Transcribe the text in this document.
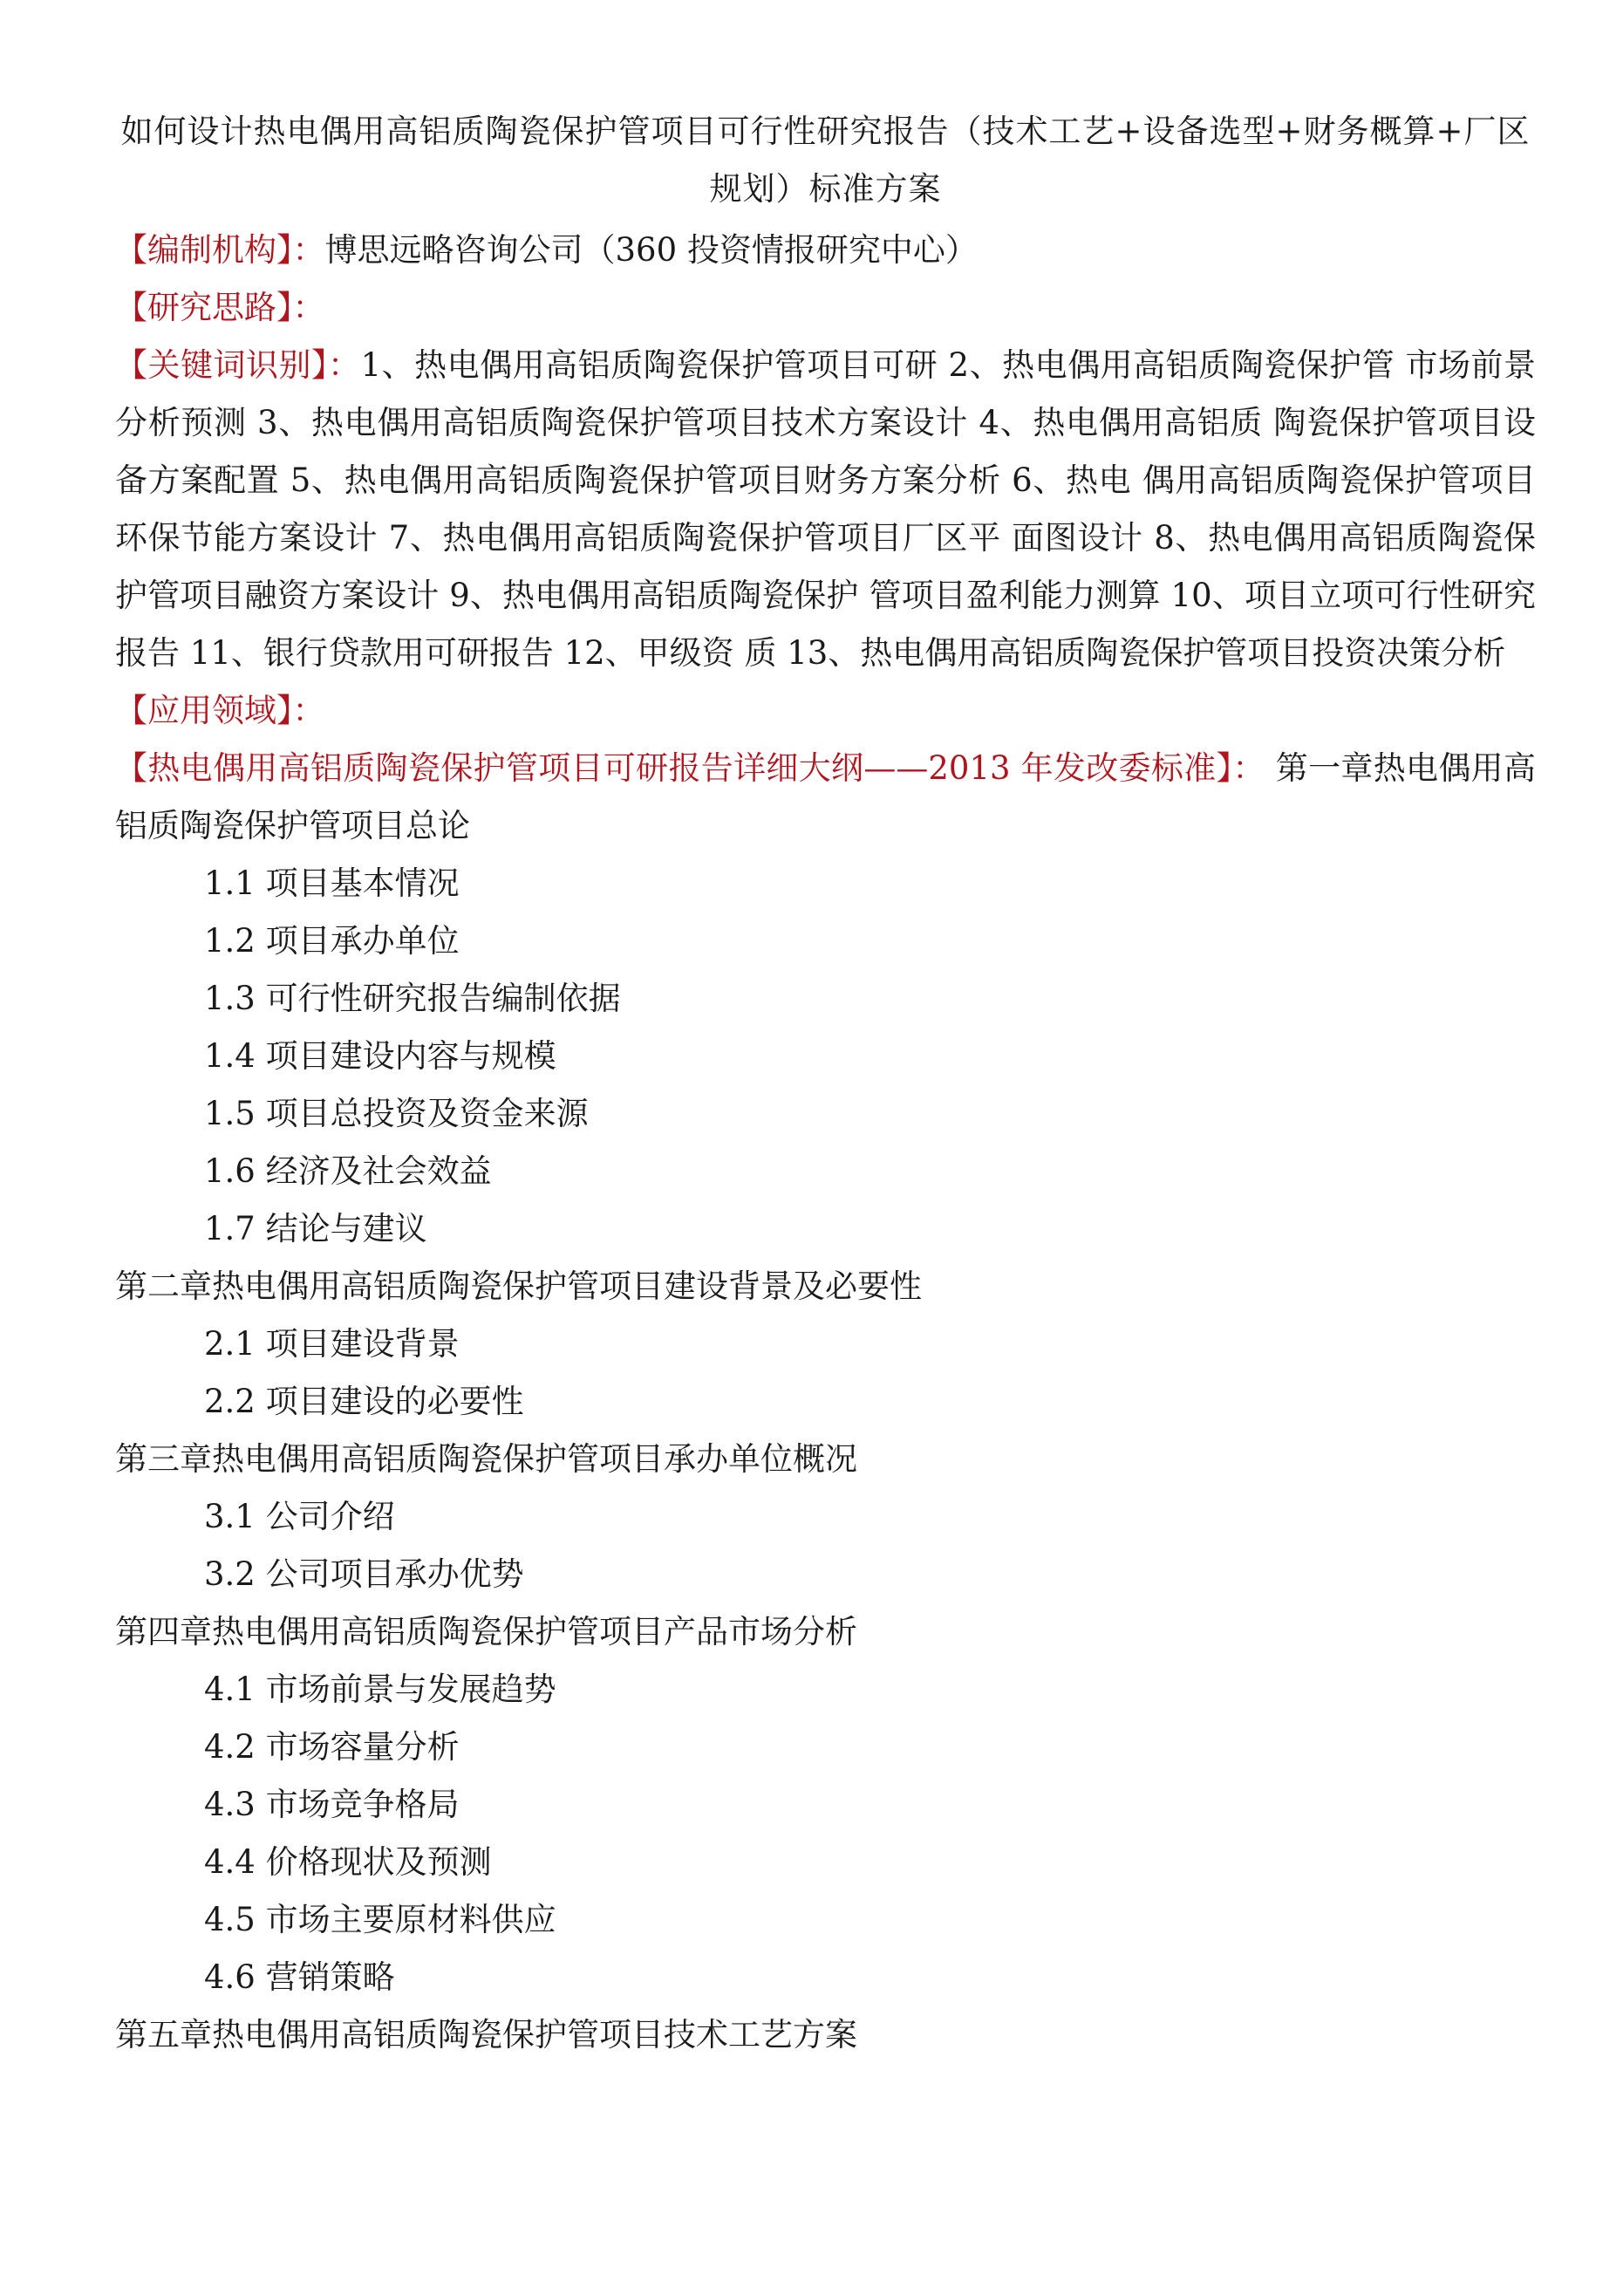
如何设计热电偶用高铝质陶瓷保护管项目可行性研究报告（技术工艺+设备选型+财务概算+厂区规划）标准方案

【编制机构】：博思远略咨询公司（360 投资情报研究中心）

【研究思路】：

【关键词识别】：1、热电偶用高铝质陶瓷保护管项目可研 2、热电偶用高铝质陶瓷保护管 市场前景分析预测 3、热电偶用高铝质陶瓷保护管项目技术方案设计 4、热电偶用高铝质 陶瓷保护管项目设备方案配置 5、热电偶用高铝质陶瓷保护管项目财务方案分析 6、热电 偶用高铝质陶瓷保护管项目环保节能方案设计 7、热电偶用高铝质陶瓷保护管项目厂区平 面图设计 8、热电偶用高铝质陶瓷保护管项目融资方案设计 9、热电偶用高铝质陶瓷保护 管项目盈利能力测算 10、项目立项可行性研究报告 11、银行贷款用可研报告 12、甲级资 质 13、热电偶用高铝质陶瓷保护管项目投资决策分析

【应用领域】：

【热电偶用高铝质陶瓷保护管项目可研报告详细大纲——2013 年发改委标准】： 第一章热电偶用高铝质陶瓷保护管项目总论

1.1 项目基本情况

1.2 项目承办单位

1.3 可行性研究报告编制依据

1.4 项目建设内容与规模

1.5 项目总投资及资金来源

1.6 经济及社会效益

1.7 结论与建议

第二章热电偶用高铝质陶瓷保护管项目建设背景及必要性

2.1 项目建设背景

2.2 项目建设的必要性

第三章热电偶用高铝质陶瓷保护管项目承办单位概况

3.1 公司介绍

3.2 公司项目承办优势

第四章热电偶用高铝质陶瓷保护管项目产品市场分析

4.1 市场前景与发展趋势

4.2 市场容量分析

4.3 市场竞争格局

4.4 价格现状及预测

4.5 市场主要原材料供应

4.6 营销策略

第五章热电偶用高铝质陶瓷保护管项目技术工艺方案
